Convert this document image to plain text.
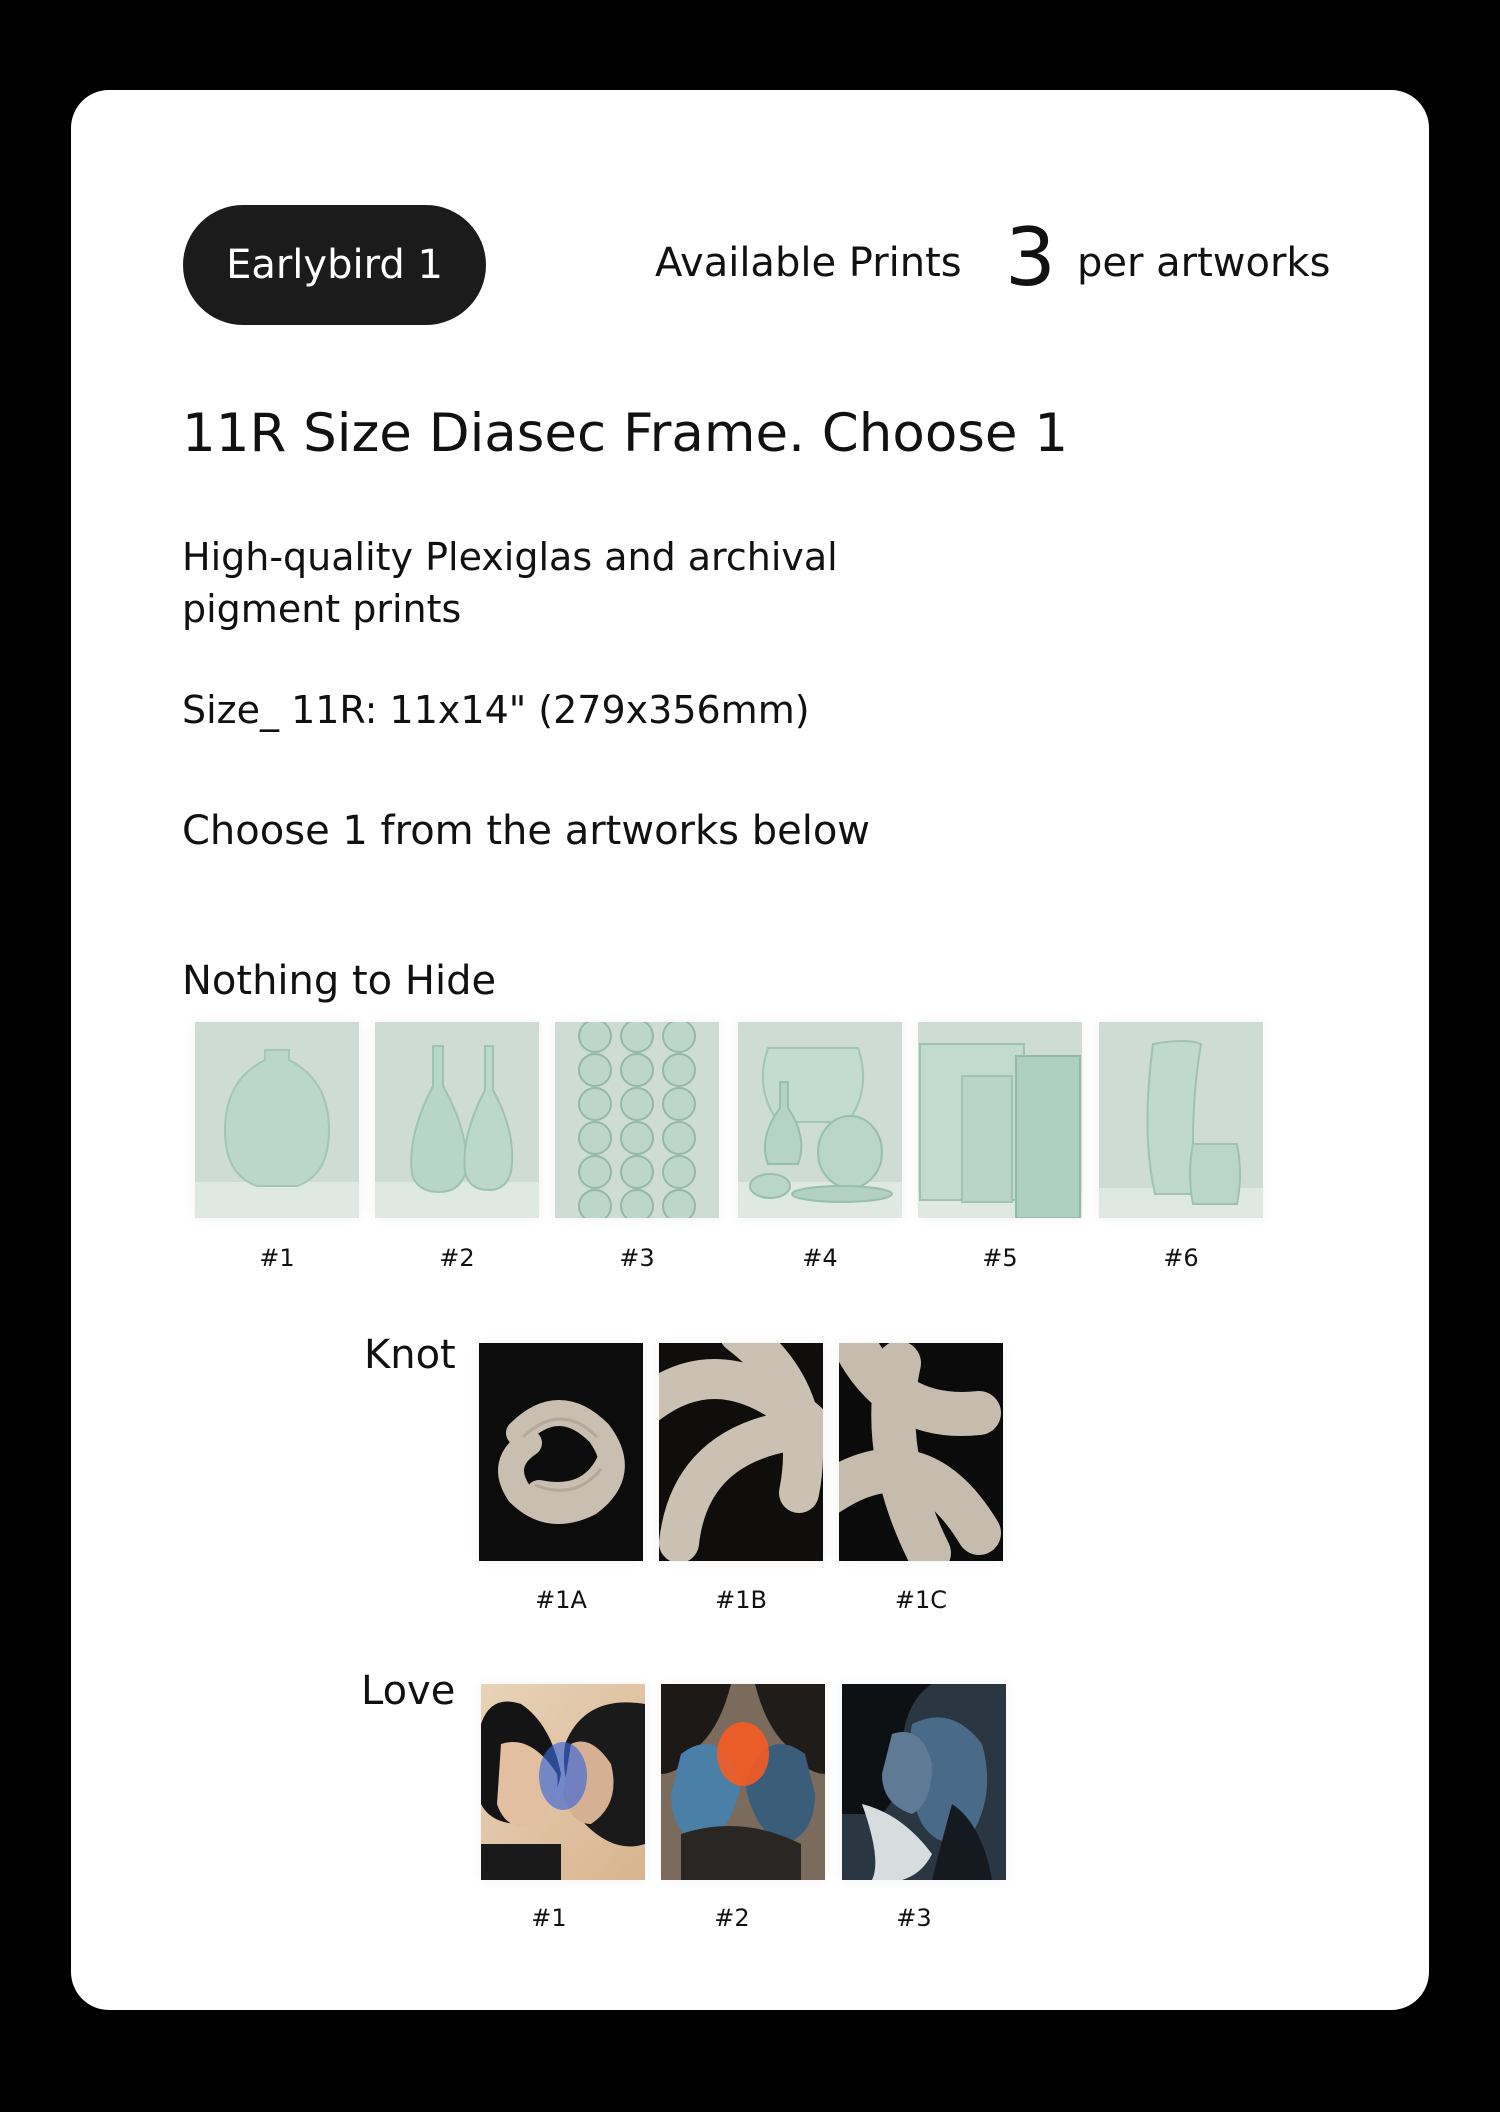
Earlybird 1	Available Prints 3 per artworks
11R Size Diasec Frame. Choose 1
High-quality Plexiglas and archival
pigment prints
Size_ 11R: 11x14" (279x356mm)
Choose 1 from the artworks below
Nothing to Hide
#1	#2	#3	#4	#5	#6
Knot
#1A	#1B	#1C
Love
#1	#2	#3
